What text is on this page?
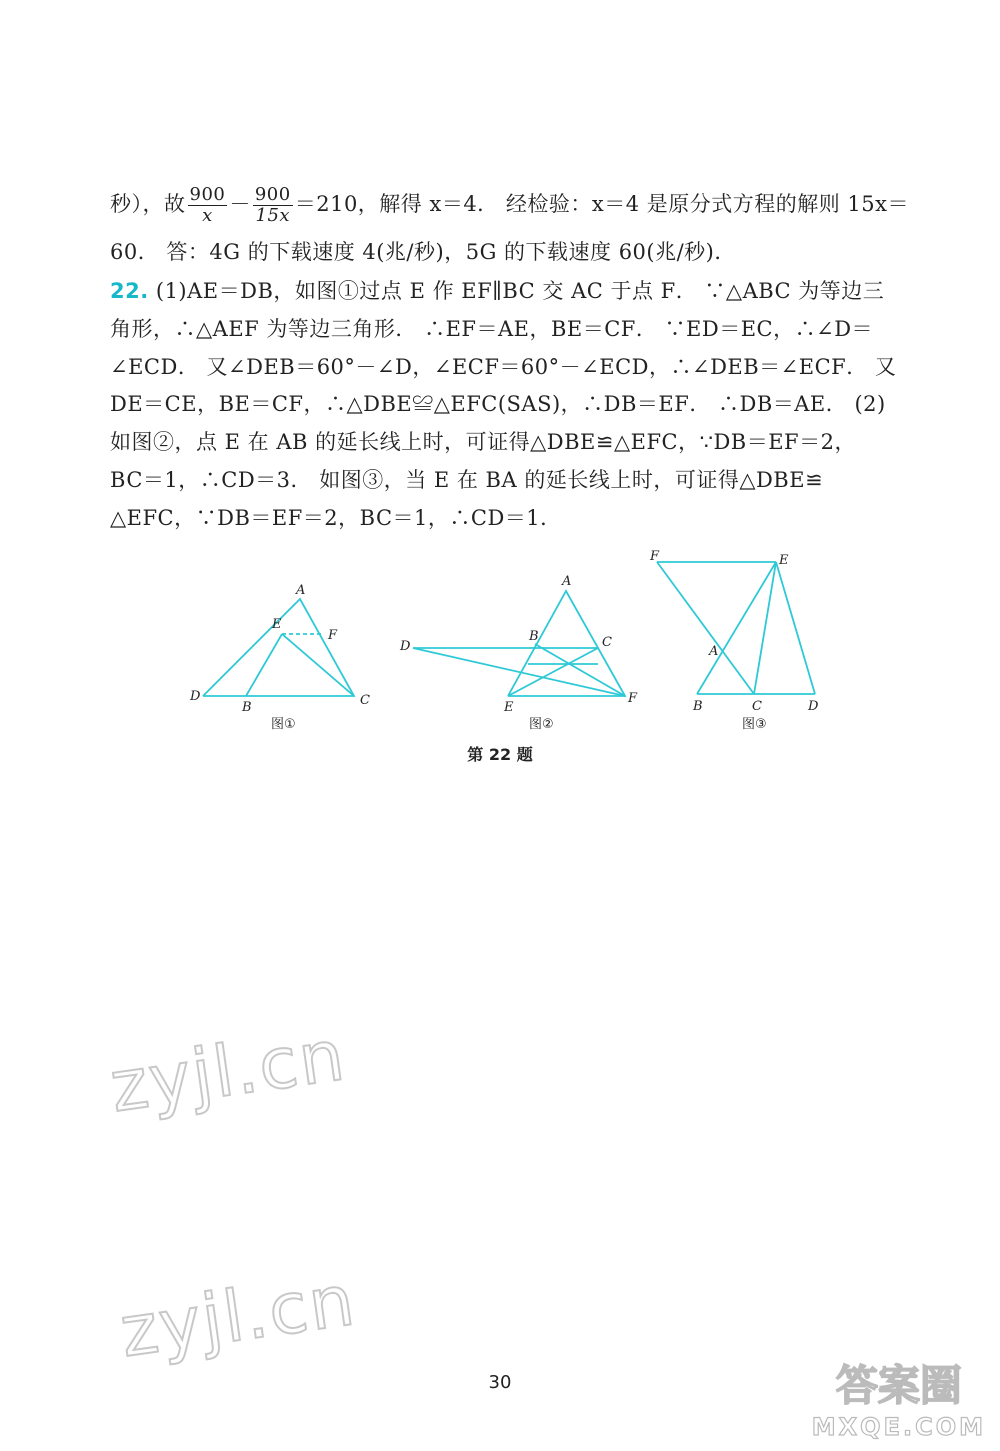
秒），故 $\frac{900}{x} - \frac{900}{15x} =210$，解得 x＝4． 经检验：x＝4 是原分式方程的解则 15x＝
60． 答：4G 的下载速度 4(兆/秒)，5G 的下载速度 60(兆/秒)．
22. (1)AE＝DB，如图①过点 E 作 EF∥BC 交 AC 于点 F． ∵△ABC 为等边三
角形，∴△AEF 为等边三角形． ∴EF＝AE，BE＝CF． ∵ED＝EC，∴∠D＝
∠ECD． 又∠DEB＝60°－∠D，∠ECF＝60°－∠ECD，∴∠DEB＝∠ECF． 又
DE＝CE，BE＝CF，∴△DBE≌△EFC(SAS)，∴DB＝EF． ∴DB＝AE． (2)
如图②，点 E 在 AB 的延长线上时，可证得△DBE≌△EFC，∵DB＝EF＝2，
BC＝1，∴CD＝3． 如图③，当 E 在 BA 的延长线上时，可证得△DBE≌
△EFC，∵DB＝EF＝2，BC＝1，∴CD＝1．
A
E
F
D
B	C
A
B	C
D
E
F
F	E
A
B	C	D
图①	图②	图③
第 22 题
zyjl.cn
zyjl.cn
30	答案圈
MXQE.COM
